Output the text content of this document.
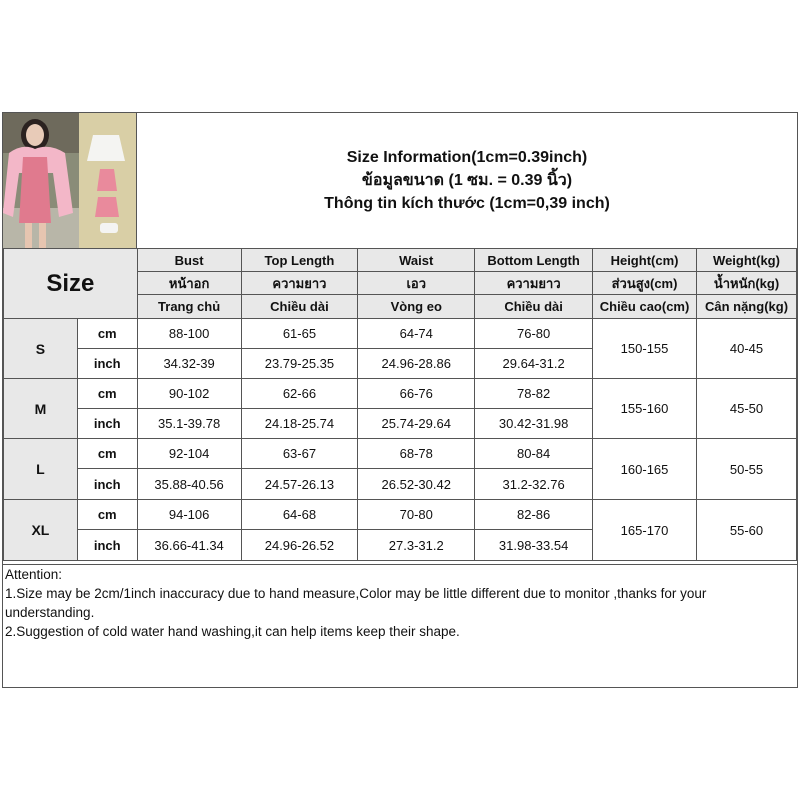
Size Information(1cm=0.39inch)
ข้อมูลขนาด (1 ซม. = 0.39 นิ้ว)
Thông tin kích thước (1cm=0,39 inch)
Size		Bust	Top Length	Waist	Bottom Length	Height(cm)	Weight(kg)
		หน้าอก	ความยาว	เอว	ความยาว	ส่วนสูง(cm)	น้ำหนัก(kg)
		Trang chủ	Chiều dài	Vòng eo	Chiều dài	Chiều cao(cm)	Cân nặng(kg)
S	cm	88-100	61-65	64-74	76-80	150-155	40-45
	inch	34.32-39	23.79-25.35	24.96-28.86	29.64-31.2		
M	cm	90-102	62-66	66-76	78-82	155-160	45-50
	inch	35.1-39.78	24.18-25.74	25.74-29.64	30.42-31.98		
L	cm	92-104	63-67	68-78	80-84	160-165	50-55
	inch	35.88-40.56	24.57-26.13	26.52-30.42	31.2-32.76		
XL	cm	94-106	64-68	70-80	82-86	165-170	55-60
	inch	36.66-41.34	24.96-26.52	27.3-31.2	31.98-33.54		
Attention:
1.Size may be 2cm/1inch inaccuracy due to hand measure,Color may be little different due to monitor ,thanks for your understanding.
2.Suggestion of cold water hand washing,it can help items keep their shape.
